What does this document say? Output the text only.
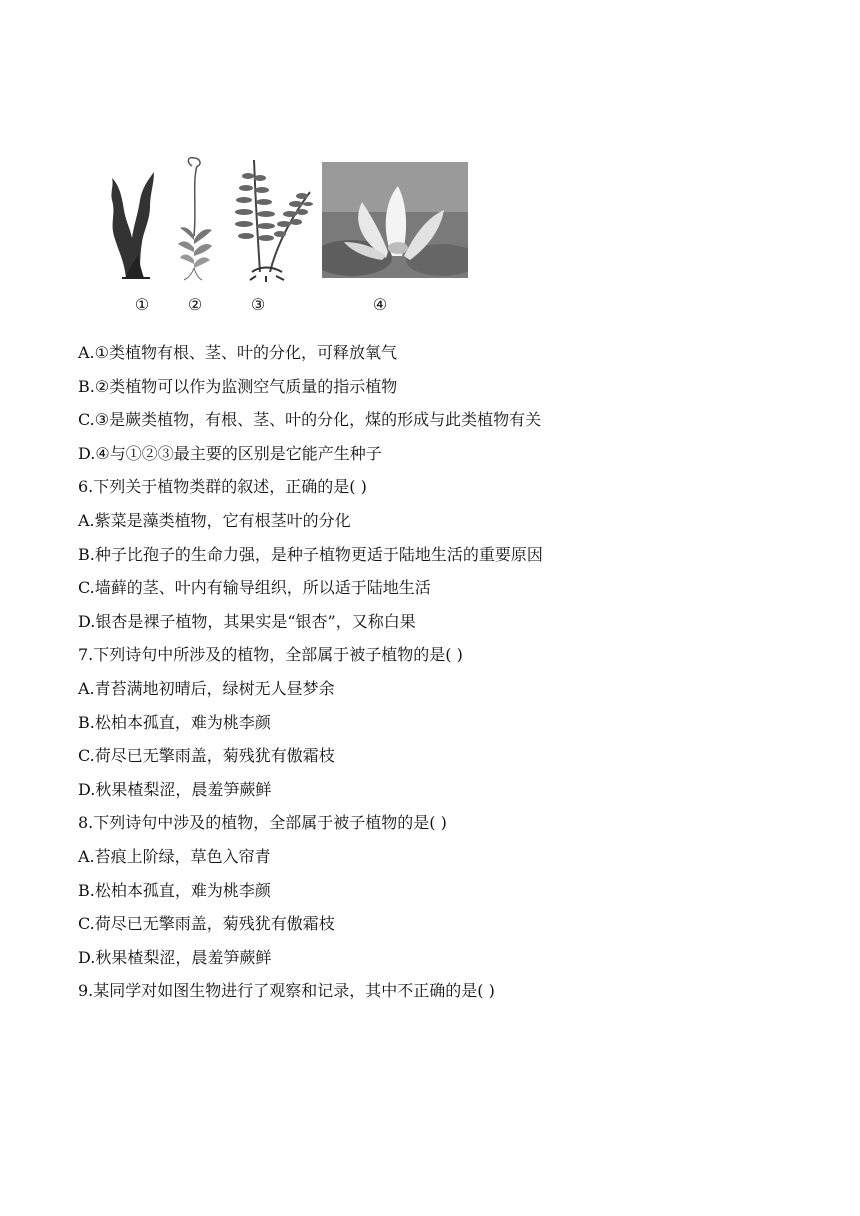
①	②	③	④
A.①类植物有根、茎、叶的分化，可释放氧气
B.②类植物可以作为监测空气质量的指示植物
C.③是蕨类植物，有根、茎、叶的分化，煤的形成与此类植物有关
D.④与①②③最主要的区别是它能产生种子
6.下列关于植物类群的叙述，正确的是( )
A.紫菜是藻类植物，它有根茎叶的分化
B.种子比孢子的生命力强，是种子植物更适于陆地生活的重要原因
C.墙藓的茎、叶内有输导组织，所以适于陆地生活
D.银杏是裸子植物，其果实是“银杏”，又称白果
7.下列诗句中所涉及的植物，全部属于被子植物的是( )
A.青苔满地初晴后，绿树无人昼梦余
B.松柏本孤直，难为桃李颜
C.荷尽已无擎雨盖，菊残犹有傲霜枝
D.秋果楂梨涩，晨羞笋蕨鲜
8.下列诗句中涉及的植物，全部属于被子植物的是( )
A.苔痕上阶绿，草色入帘青
B.松柏本孤直，难为桃李颜
C.荷尽已无擎雨盖，菊残犹有傲霜枝
D.秋果楂梨涩，晨羞笋蕨鲜
9.某同学对如图生物进行了观察和记录，其中不正确的是( )
